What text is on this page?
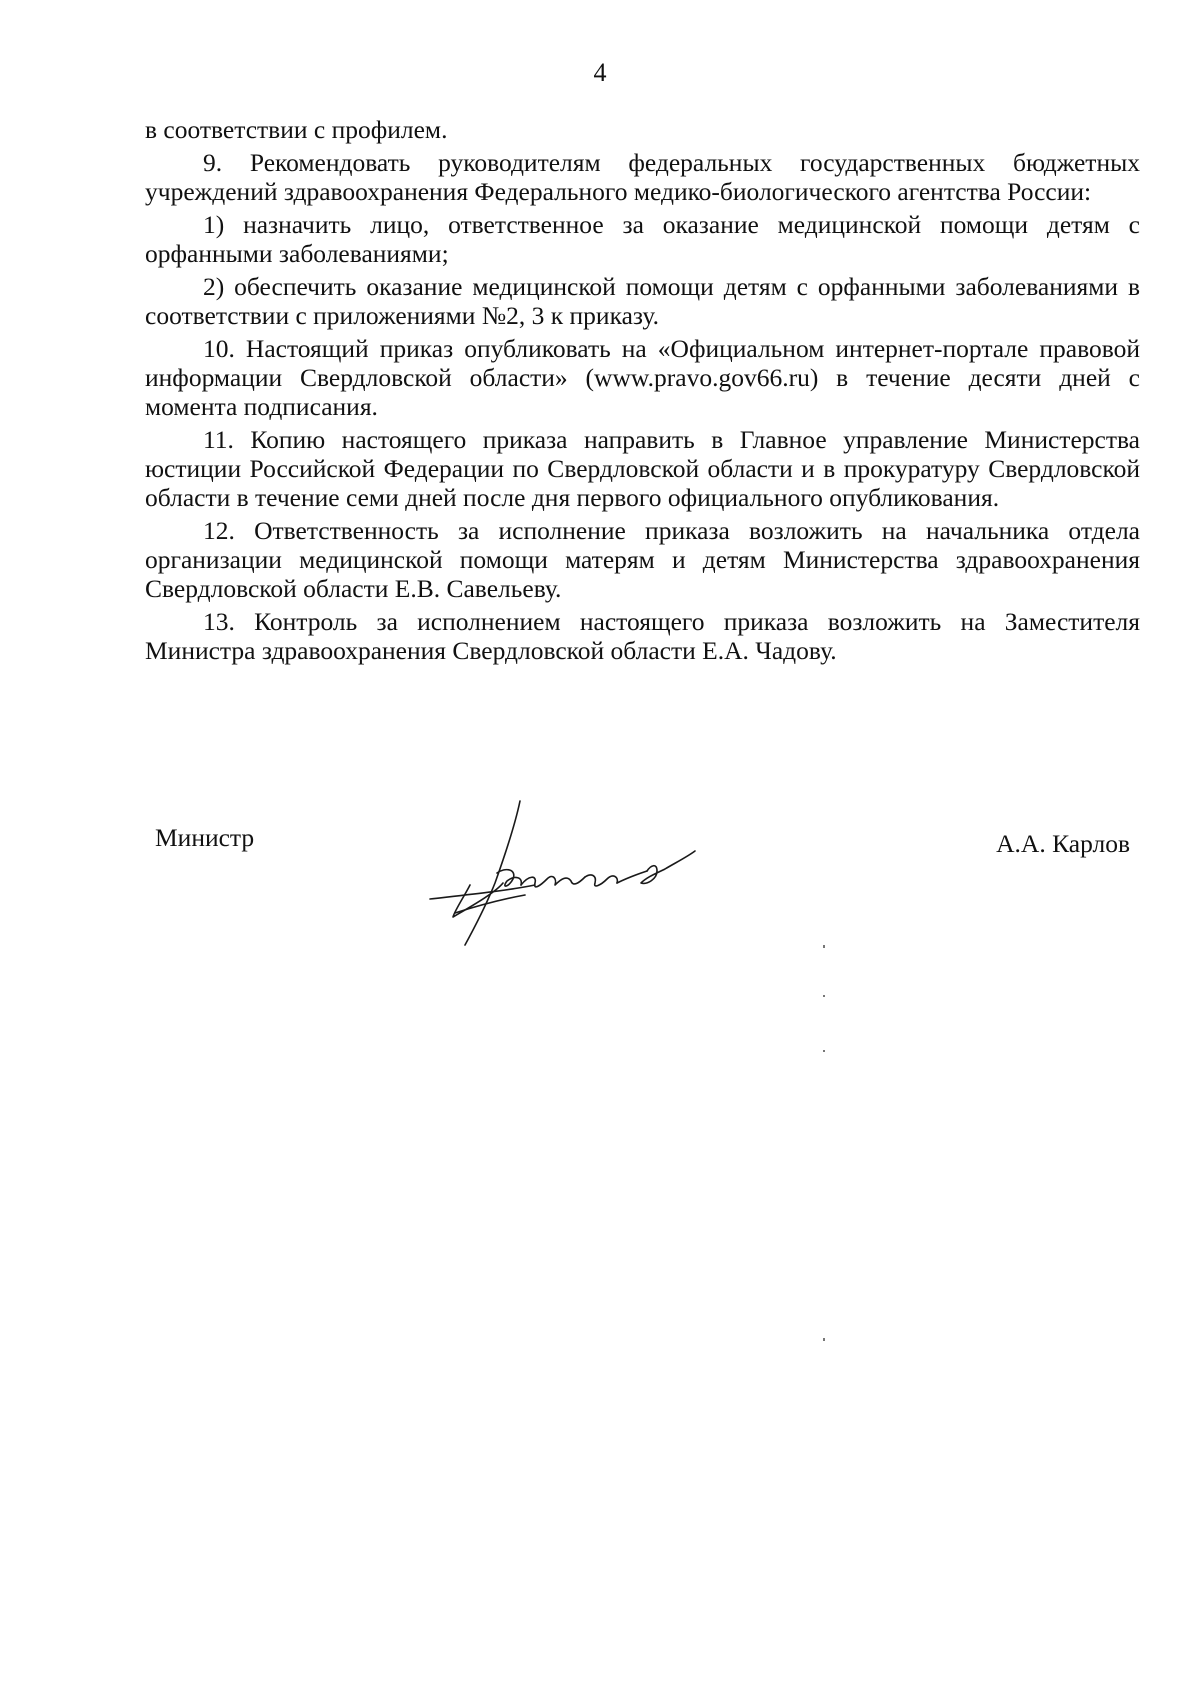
4

в соответствии с профилем.

9. Рекомендовать руководителям федеральных государственных бюджетных учреждений здравоохранения Федерального медико-биологического агентства России:

1) назначить лицо, ответственное за оказание медицинской помощи детям с орфанными заболеваниями;

2) обеспечить оказание медицинской помощи детям с орфанными заболеваниями в соответствии с приложениями №2, 3 к приказу.

10. Настоящий приказ опубликовать на «Официальном интернет-портале правовой информации Свердловской области» (www.pravo.gov66.ru) в течение десяти дней с момента подписания.

11. Копию настоящего приказа направить в Главное управление Министерства юстиции Российской Федерации по Свердловской области и в прокуратуру Свердловской области в течение семи дней после дня первого официального опубликования.

12. Ответственность за исполнение приказа возложить на начальника отдела организации медицинской помощи матерям и детям Министерства здравоохранения Свердловской области Е.В. Савельеву.

13. Контроль за исполнением настоящего приказа возложить на Заместителя Министра здравоохранения Свердловской области Е.А. Чадову.

Министр	А.А. Карлов
